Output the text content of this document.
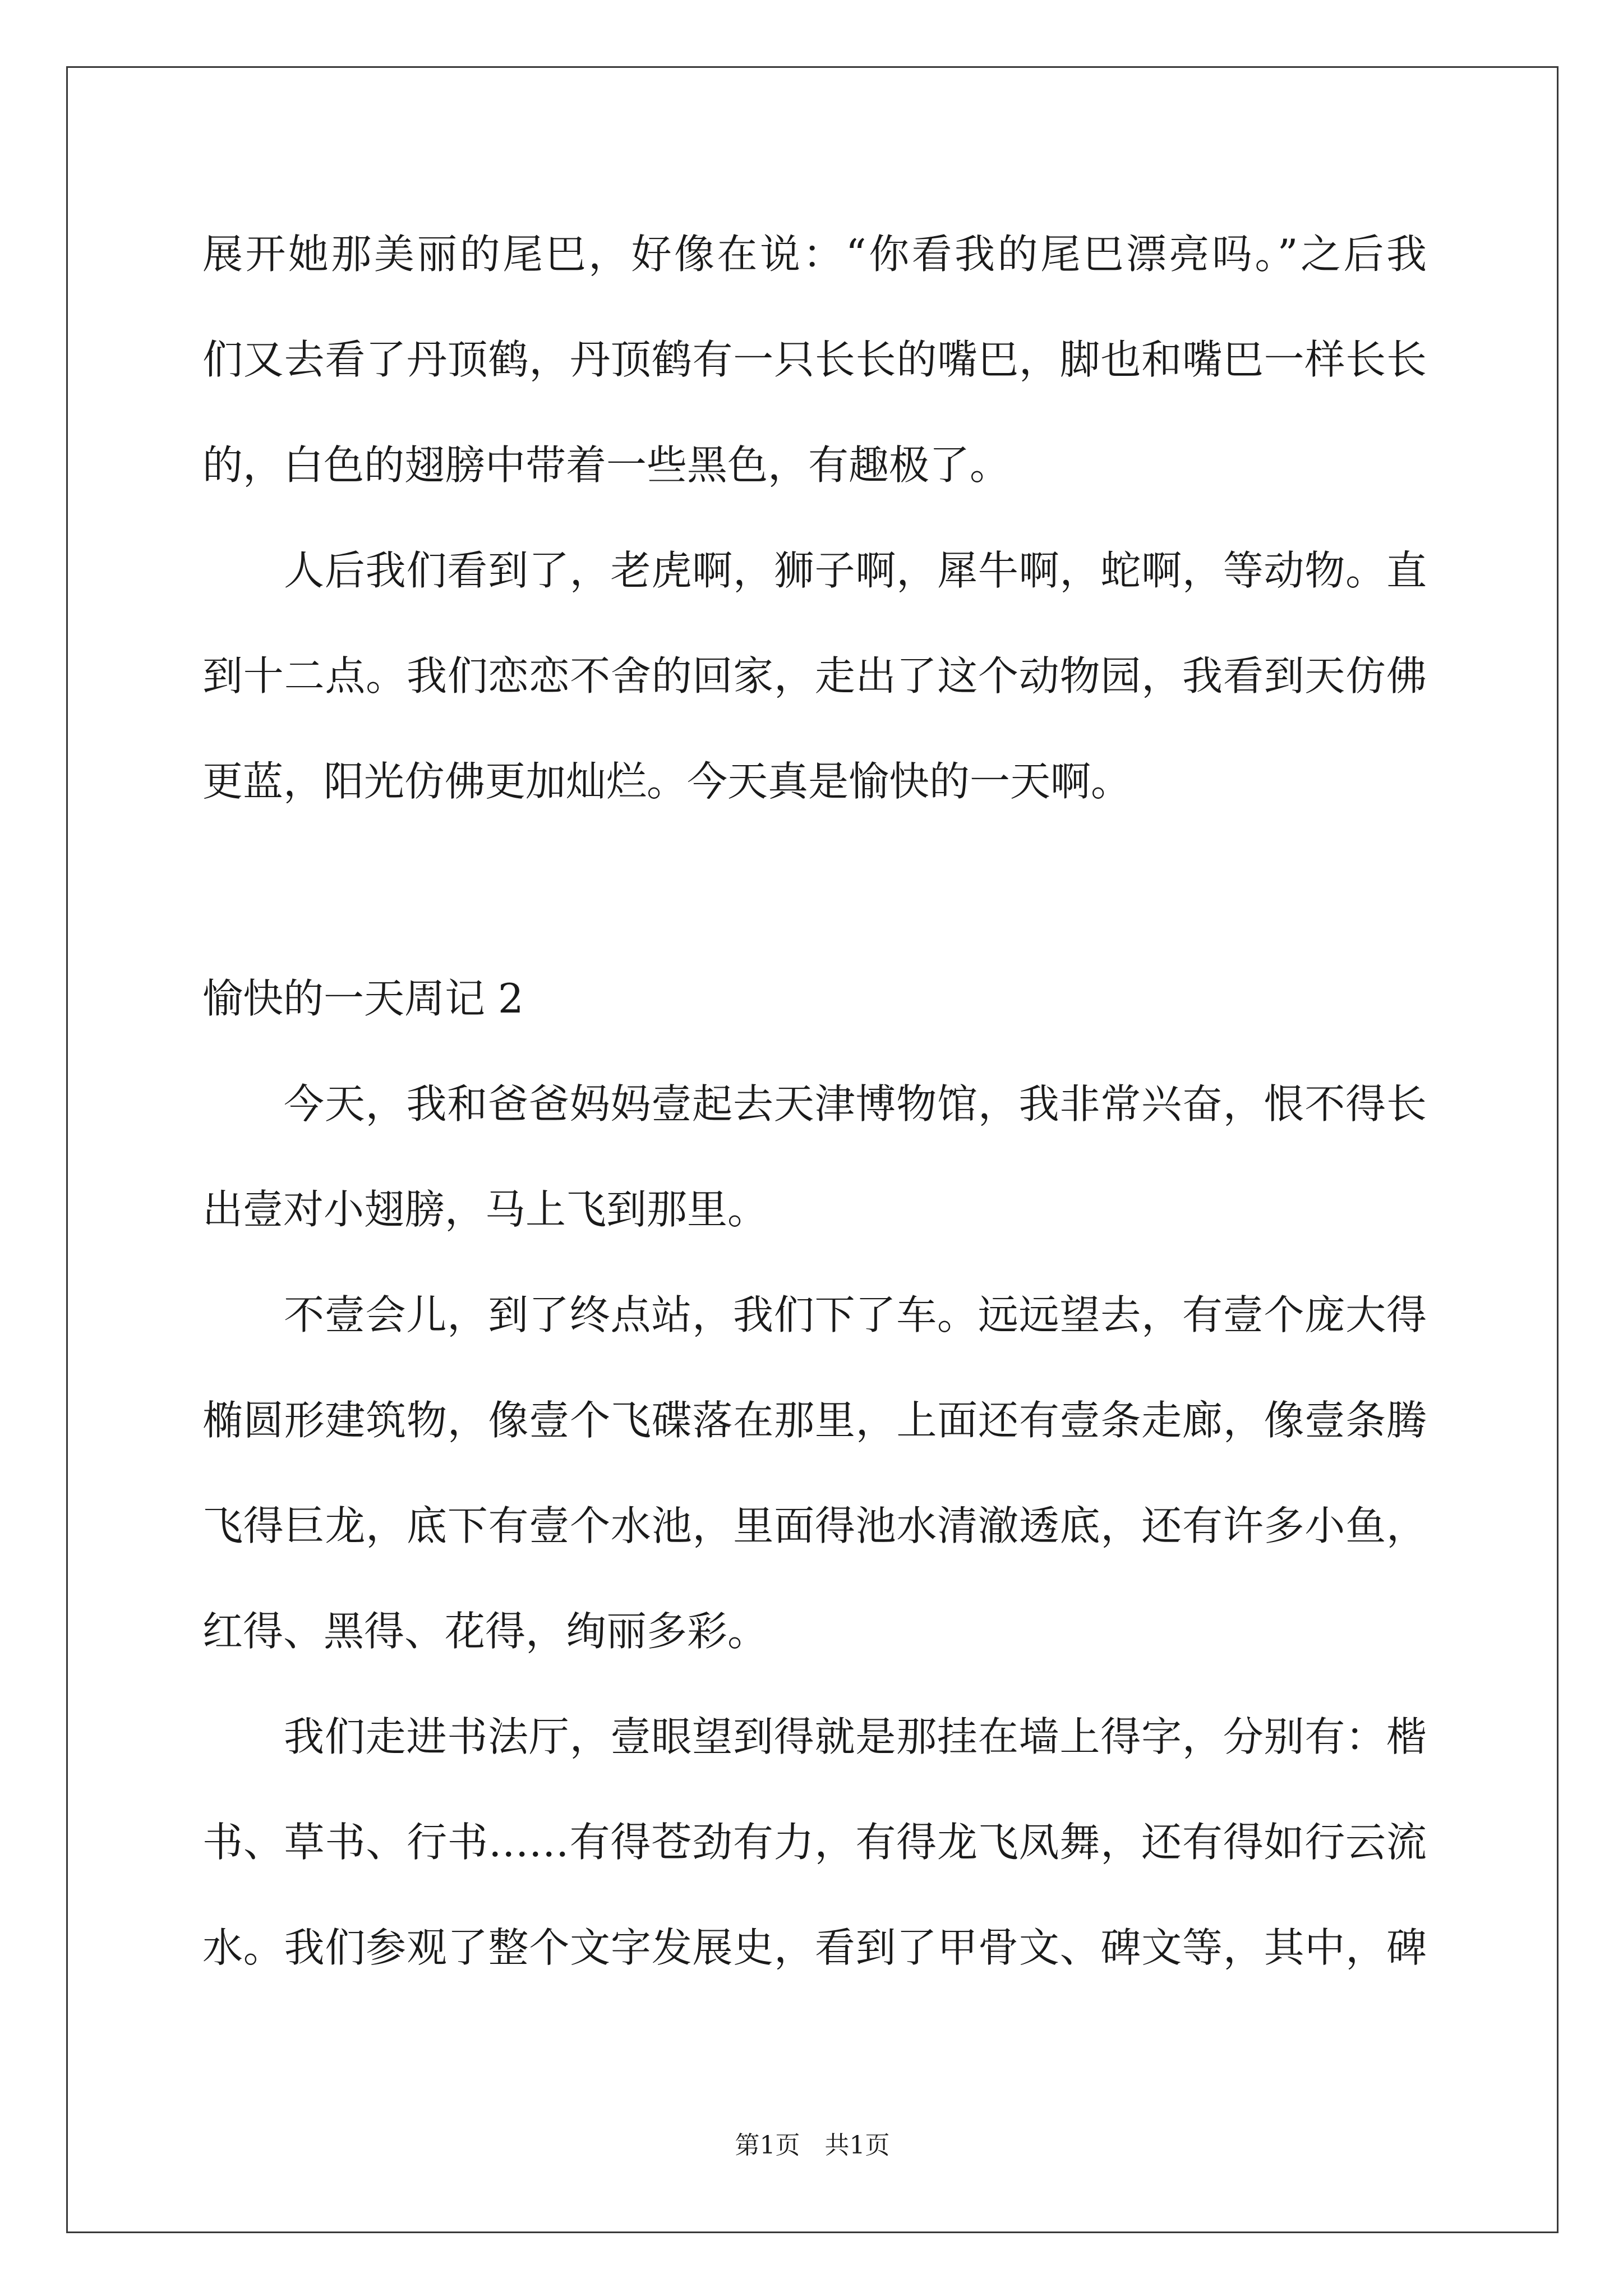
展开她那美丽的尾巴，好像在说：“你看我的尾巴漂亮吗。”之后我
们又去看了丹顶鹤，丹顶鹤有一只长长的嘴巴，脚也和嘴巴一样长长
的，白色的翅膀中带着一些黑色，有趣极了。
人后我们看到了，老虎啊，狮子啊，犀牛啊，蛇啊，等动物。直
到十二点。我们恋恋不舍的回家，走出了这个动物园，我看到天仿佛
更蓝，阳光仿佛更加灿烂。今天真是愉快的一天啊。
愉快的一天周记 2
今天，我和爸爸妈妈壹起去天津博物馆，我非常兴奋，恨不得长
出壹对小翅膀，马上飞到那里。
不壹会儿，到了终点站，我们下了车。远远望去，有壹个庞大得
椭圆形建筑物，像壹个飞碟落在那里，上面还有壹条走廊，像壹条腾
飞得巨龙，底下有壹个水池，里面得池水清澈透底，还有许多小鱼，
红得、黑得、花得，绚丽多彩。
我们走进书法厅，壹眼望到得就是那挂在墙上得字，分别有：楷
书、草书、行书……有得苍劲有力，有得龙飞凤舞，还有得如行云流
水。我们参观了整个文字发展史，看到了甲骨文、碑文等，其中，碑
第1页 共1页
